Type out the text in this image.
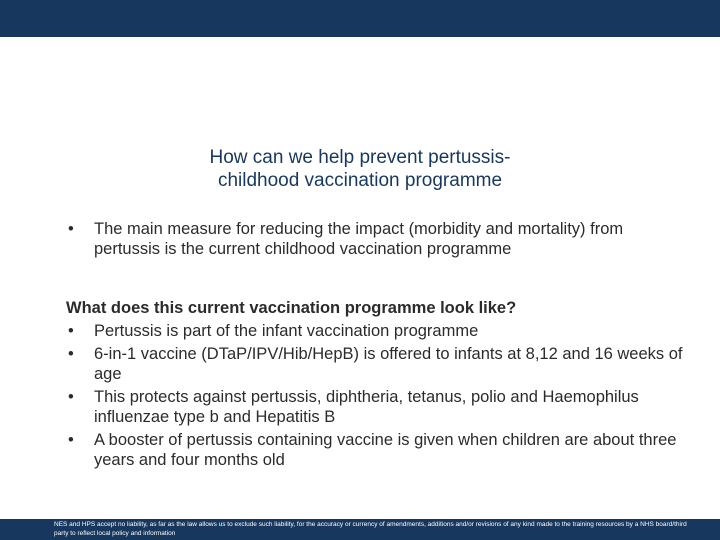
How can we help prevent pertussis-
childhood vaccination programme
• The main measure for reducing the impact (morbidity and mortality) from pertussis is the current childhood vaccination programme
What does this current vaccination programme look like?
• Pertussis is part of the infant vaccination programme
• 6-in-1 vaccine (DTaP/IPV/Hib/HepB) is offered to infants at 8,12 and 16 weeks of age
• This protects against pertussis, diphtheria, tetanus, polio and Haemophilus influenzae type b and Hepatitis B
• A booster of pertussis containing vaccine is given when children are about three years and four months old
NES and HPS accept no liability, as far as the law allows us to exclude such liability, for the accuracy or currency of amendments, additions and/or revisions of any kind made to the training resources by a NHS board/third party to reflect local policy and information
